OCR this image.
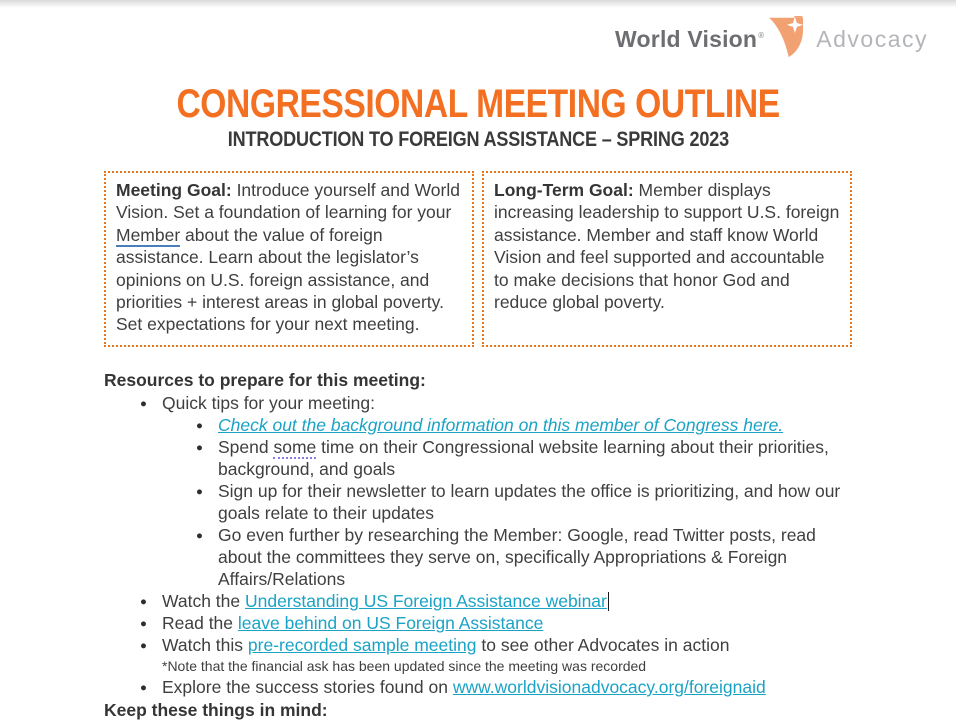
World Vision® Advocacy
CONGRESSIONAL MEETING OUTLINE
INTRODUCTION TO FOREIGN ASSISTANCE – SPRING 2023
Meeting Goal: Introduce yourself and World Vision. Set a foundation of learning for your Member about the value of foreign assistance. Learn about the legislator’s opinions on U.S. foreign assistance, and priorities + interest areas in global poverty. Set expectations for your next meeting.
Long-Term Goal: Member displays increasing leadership to support U.S. foreign assistance. Member and staff know World Vision and feel supported and accountable to make decisions that honor God and reduce global poverty.
Resources to prepare for this meeting:
● Quick tips for your meeting:
● Check out the background information on this member of Congress here.
● Spend some time on their Congressional website learning about their priorities, background, and goals
● Sign up for their newsletter to learn updates the office is prioritizing, and how our goals relate to their updates
● Go even further by researching the Member: Google, read Twitter posts, read about the committees they serve on, specifically Appropriations & Foreign Affairs/Relations
● Watch the Understanding US Foreign Assistance webinar
● Read the leave behind on US Foreign Assistance
● Watch this pre-recorded sample meeting to see other Advocates in action
*Note that the financial ask has been updated since the meeting was recorded
● Explore the success stories found on www.worldvisionadvocacy.org/foreignaid
Keep these things in mind:
